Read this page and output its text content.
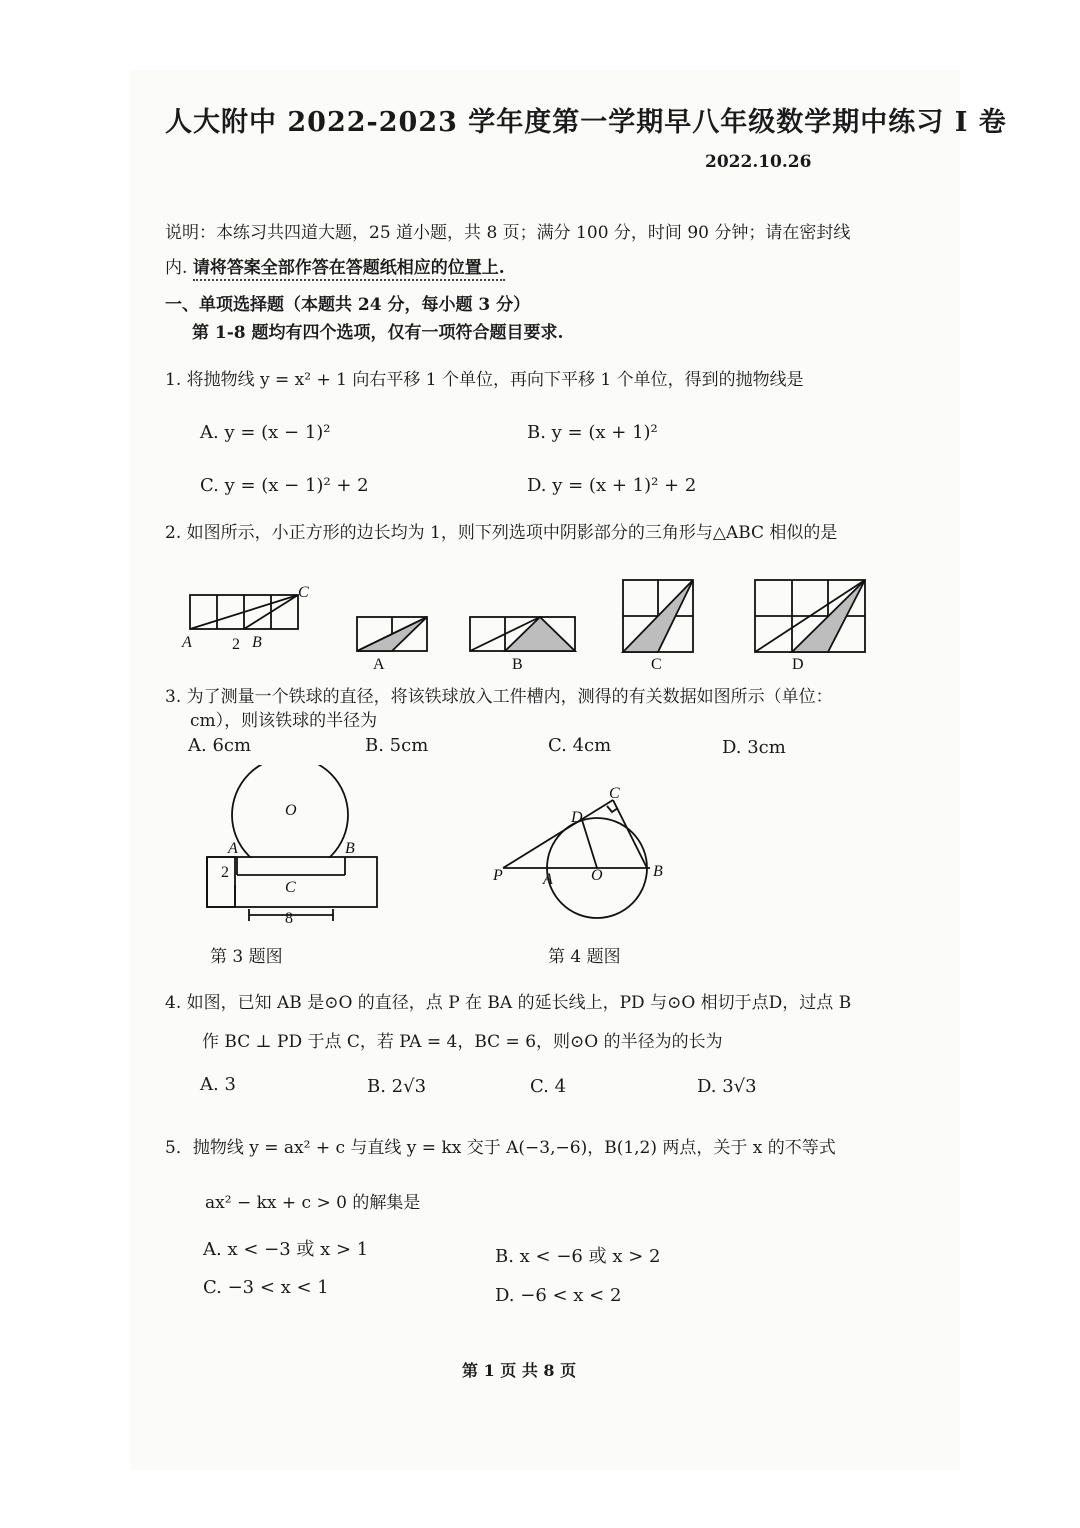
人大附中 2022-2023 学年度第一学期早八年级数学期中练习 Ⅰ 卷
2022.10.26
说明：本练习共四道大题，25 道小题，共 8 页；满分 100 分，时间 90 分钟；请在密封线
内. 请将答案全部作答在答题纸相应的位置上.
一、单项选择题（本题共 24 分，每小题 3 分）
第 1-8 题均有四个选项，仅有一项符合题目要求.
1. 将抛物线 y = x² + 1 向右平移 1 个单位，再向下平移 1 个单位，得到的抛物线是
A. y = (x − 1)²	B. y = (x + 1)²
C. y = (x − 1)² + 2	D. y = (x + 1)² + 2
2. 如图所示，小正方形的边长均为 1，则下列选项中阴影部分的三角形与△ABC 相似的是
A	2 B
C
A	B	C	D
3. 为了测量一个铁球的直径，将该铁球放入工件槽内，测得的有关数据如图所示（单位：
cm），则该铁球的半径为
A. 6cm	B. 5cm	C. 4cm	D. 3cm
O
A	B
C
2
8
第 3 题图
P	A O	B
C
D
第 4 题图
4. 如图，已知 AB 是⊙O 的直径，点 P 在 BA 的延长线上，PD 与⊙O 相切于点D，过点 B
作 BC ⊥ PD 于点 C，若 PA = 4，BC = 6，则⊙O 的半径为的长为
A. 3	B. 2√3	C. 4	D. 3√3
5．抛物线 y = ax² + c 与直线 y = kx 交于 A(−3,−6)，B(1,2) 两点，关于 x 的不等式
ax² − kx + c > 0 的解集是
A. x < −3 或 x > 1	B. x < −6 或 x > 2
C. −3 < x < 1	D. −6 < x < 2
第 1 页 共 8 页
